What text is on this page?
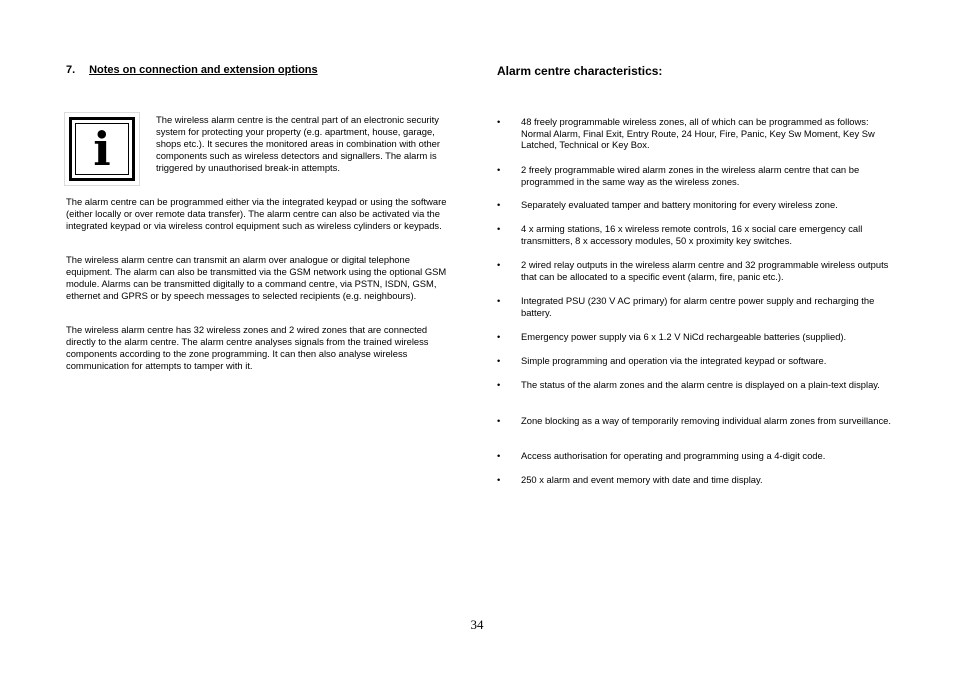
7. Notes on connection and extension options
i
The wireless alarm centre is the central part of an electronic security system for protecting your property (e.g. apartment, house, garage, shops etc.). It secures the monitored areas in combination with other components such as wireless detectors and signallers. The alarm is triggered by unauthorised break-in attempts.

The alarm centre can be programmed either via the integrated keypad or using the software (either locally or over remote data transfer). The alarm centre can also be activated via the integrated keypad or via wireless control equipment such as wireless cylinders or keypads.

The wireless alarm centre can transmit an alarm over analogue or digital telephone equipment. The alarm can also be transmitted via the GSM network using the optional GSM module. Alarms can be transmitted digitally to a command centre, via PSTN, ISDN, GSM, ethernet and GPRS or by speech messages to selected recipients (e.g. neighbours).

The wireless alarm centre has 32 wireless zones and 2 wired zones that are connected directly to the alarm centre. The alarm centre analyses signals from the trained wireless components according to the zone programming. It can then also analyse wireless communication for attempts to tamper with it.

Alarm centre characteristics:
• 48 freely programmable wireless zones, all of which can be programmed as follows: Normal Alarm, Final Exit, Entry Route, 24 Hour, Fire, Panic, Key Sw Moment, Key Sw Latched, Technical or Key Box.
• 2 freely programmable wired alarm zones in the wireless alarm centre that can be programmed in the same way as the wireless zones.
• Separately evaluated tamper and battery monitoring for every wireless zone.
• 4 x arming stations, 16 x wireless remote controls, 16 x social care emergency call transmitters, 8 x accessory modules, 50 x proximity key switches.
• 2 wired relay outputs in the wireless alarm centre and 32 programmable wireless outputs that can be allocated to a specific event (alarm, fire, panic etc.).
• Integrated PSU (230 V AC primary) for alarm centre power supply and recharging the battery.
• Emergency power supply via 6 x 1.2 V NiCd rechargeable batteries (supplied).
• Simple programming and operation via the integrated keypad or software.
• The status of the alarm zones and the alarm centre is displayed on a plain-text display.
• Zone blocking as a way of temporarily removing individual alarm zones from surveillance.
• Access authorisation for operating and programming using a 4-digit code.
• 250 x alarm and event memory with date and time display.
34
